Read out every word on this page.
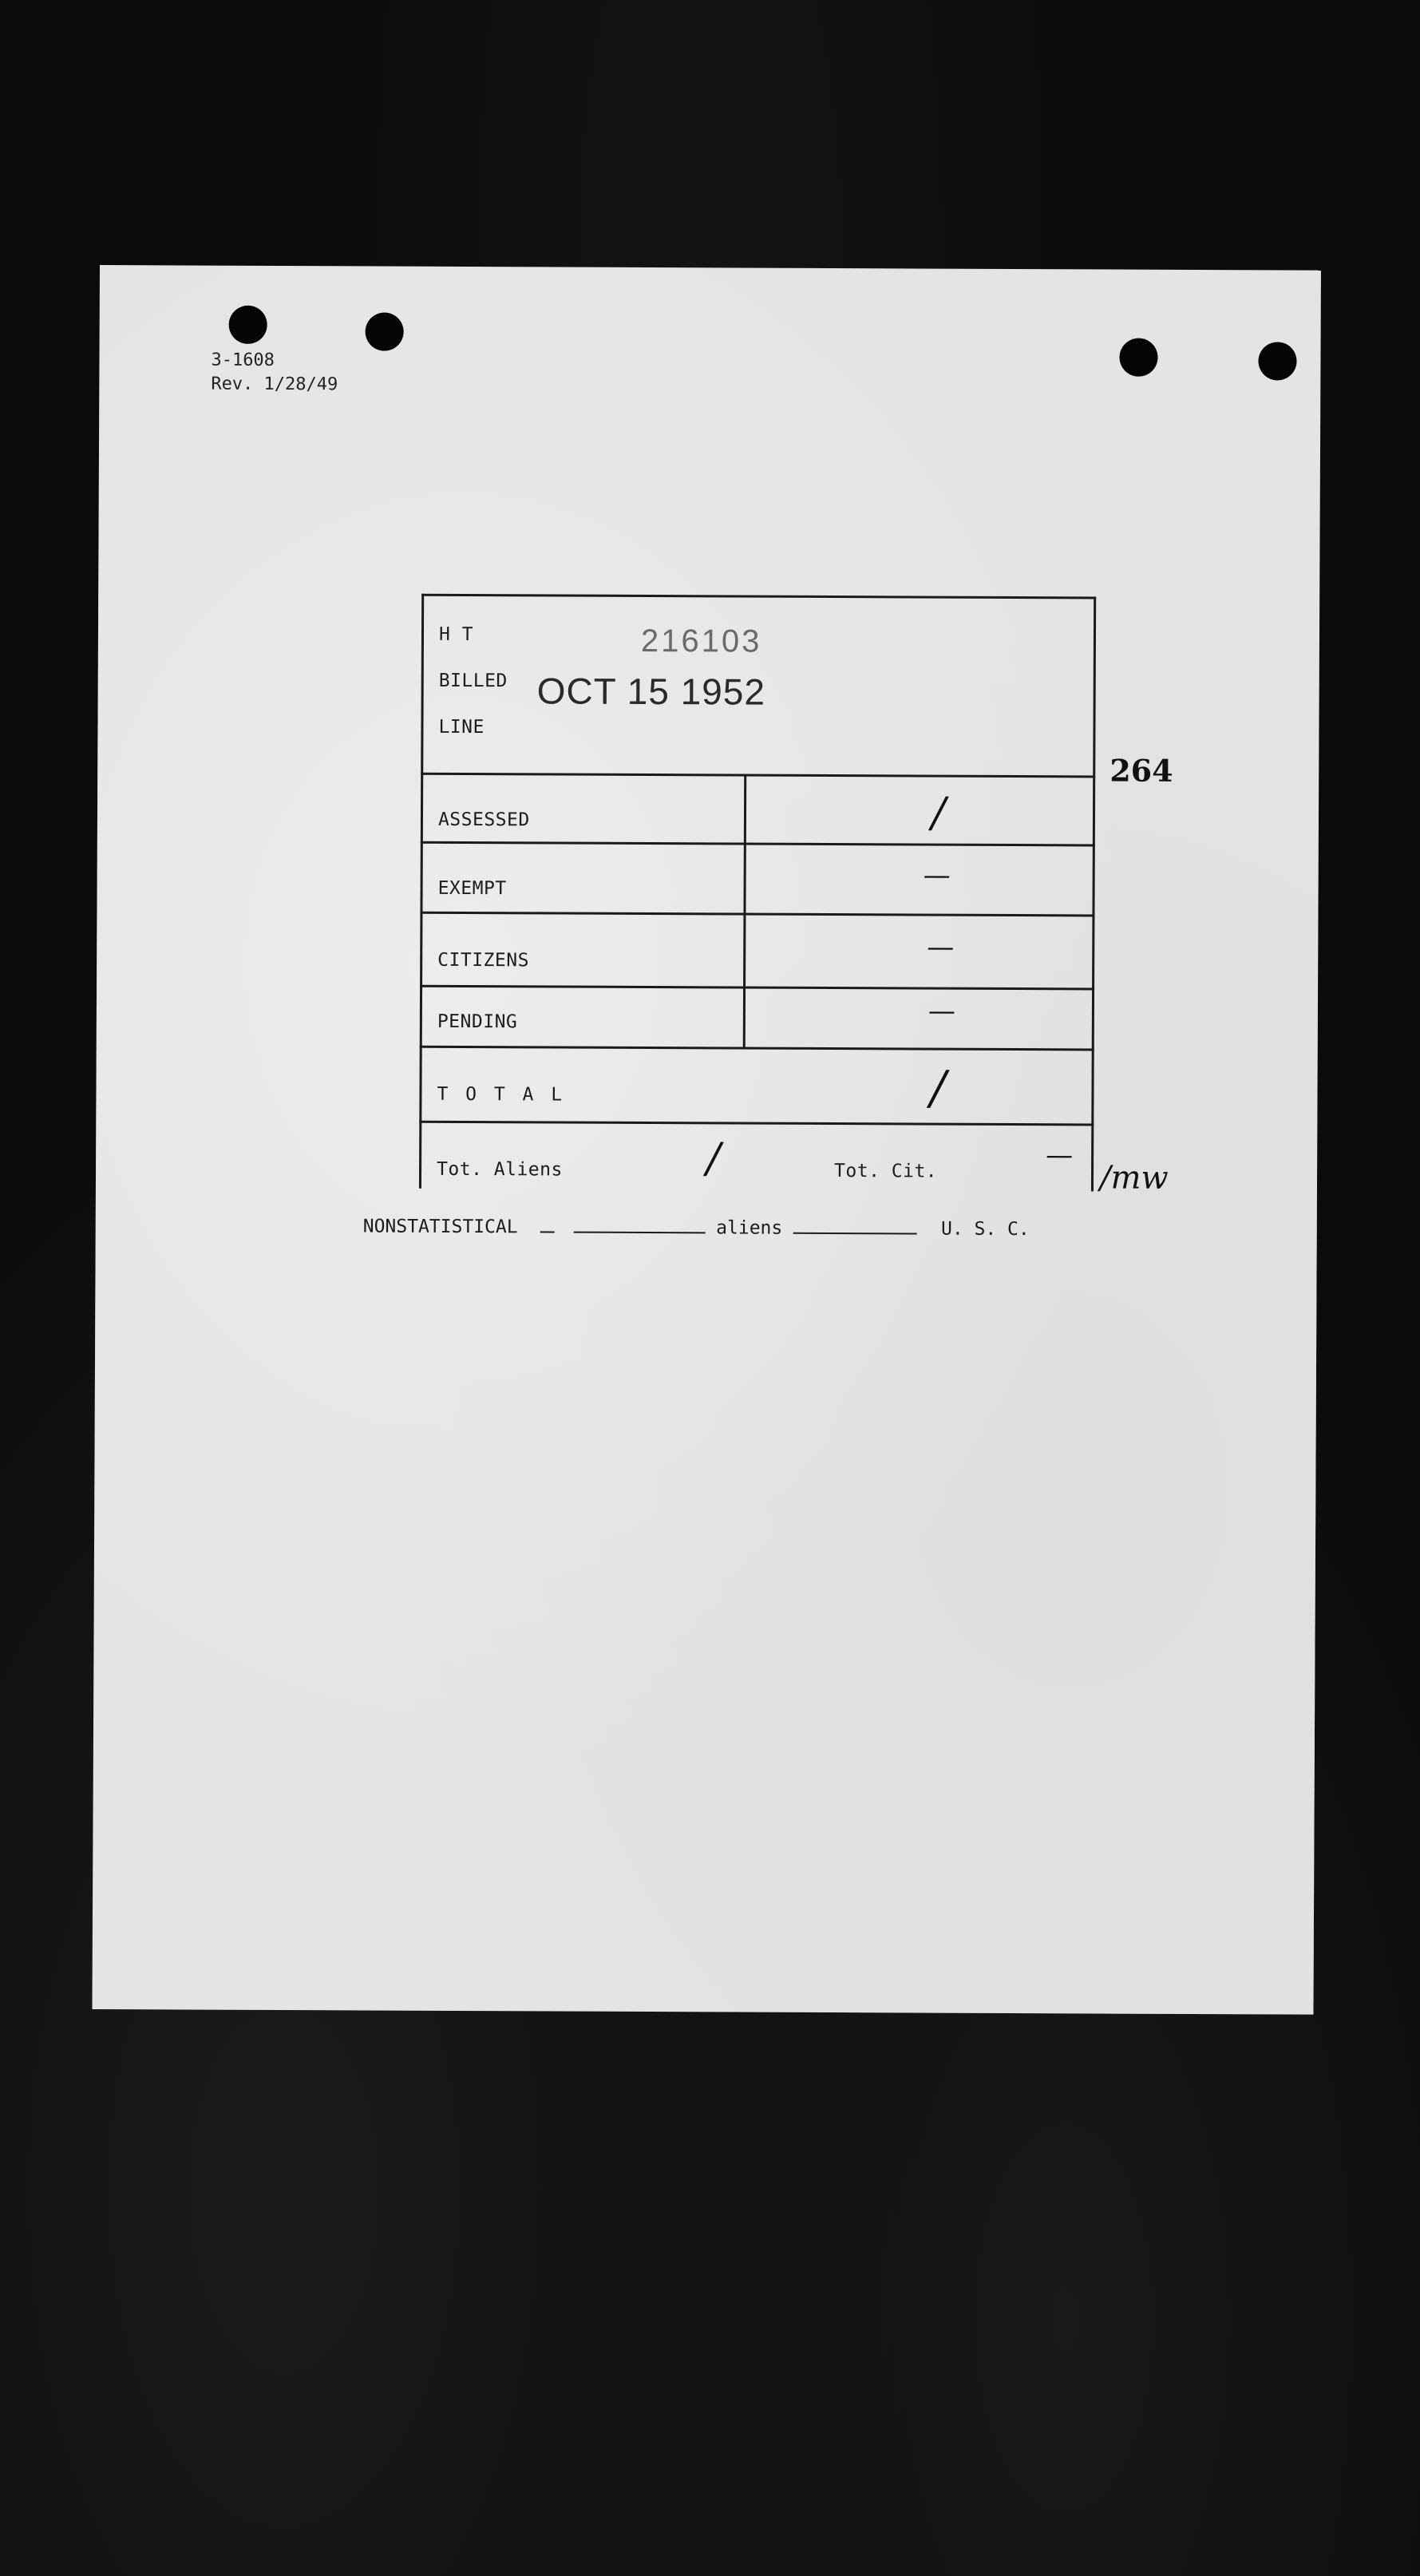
3-1608
Rev. 1/28/49
H T
BILLED
LINE
216103
OCT 15 1952
ASSESSED	/
EXEMPT	—
CITIZENS	—
PENDING	—
T O T A L	/
Tot. Aliens	/	Tot. Cit.	—
264
/mw
NONSTATISTICAL	aliens	U. S. C.
